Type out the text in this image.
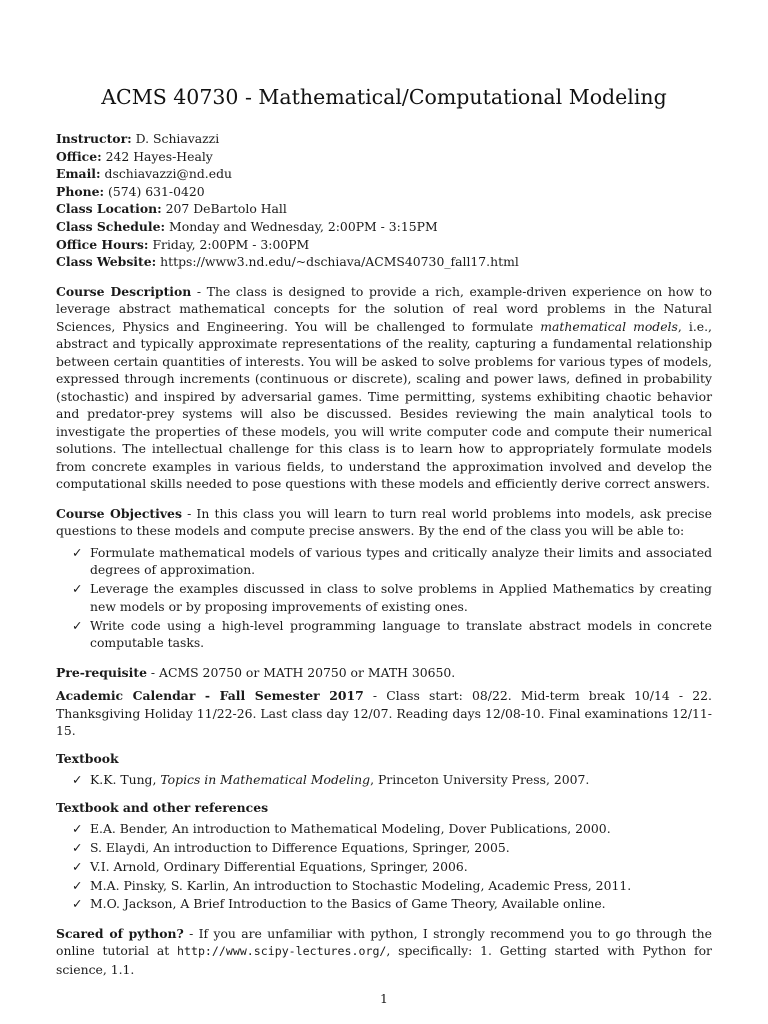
ACMS 40730 - Mathematical/Computational Modeling
Instructor: D. Schiavazzi
Office: 242 Hayes-Healy
Email: dschiavazzi@nd.edu
Phone: (574) 631-0420
Class Location: 207 DeBartolo Hall
Class Schedule: Monday and Wednesday, 2:00PM - 3:15PM
Office Hours: Friday, 2:00PM - 3:00PM
Class Website: https://www3.nd.edu/~dschiava/ACMS40730_fall17.html

Course Description - The class is designed to provide a rich, example-driven experience on how to leverage abstract mathematical concepts for the solution of real word problems in the Natural Sciences, Physics and Engineering. You will be challenged to formulate mathematical models, i.e., abstract and typically approximate representations of the reality, capturing a fundamental relationship between certain quantities of interests. You will be asked to solve problems for various types of models, expressed through increments (continuous or discrete), scaling and power laws, defined in probability (stochastic) and inspired by adversarial games. Time permitting, systems exhibiting chaotic behavior and predator-prey systems will also be discussed. Besides reviewing the main analytical tools to investigate the properties of these models, you will write computer code and compute their numerical solutions. The intellectual challenge for this class is to learn how to appropriately formulate models from concrete examples in various fields, to understand the approximation involved and develop the computational skills needed to pose questions with these models and efficiently derive correct answers.

Course Objectives - In this class you will learn to turn real world problems into models, ask precise questions to these models and compute precise answers. By the end of the class you will be able to:

✓ Formulate mathematical models of various types and critically analyze their limits and associated degrees of approximation.
✓ Leverage the examples discussed in class to solve problems in Applied Mathematics by creating new models or by proposing improvements of existing ones.
✓ Write code using a high-level programming language to translate abstract models in concrete computable tasks.

Pre-requisite - ACMS 20750 or MATH 20750 or MATH 30650.

Academic Calendar - Fall Semester 2017 - Class start: 08/22. Mid-term break 10/14 - 22. Thanksgiving Holiday 11/22-26. Last class day 12/07. Reading days 12/08-10. Final examinations 12/11-15.

Textbook
✓ K.K. Tung, Topics in Mathematical Modeling, Princeton University Press, 2007.
Textbook and other references
✓ E.A. Bender, An introduction to Mathematical Modeling, Dover Publications, 2000.
✓ S. Elaydi, An introduction to Difference Equations, Springer, 2005.
✓ V.I. Arnold, Ordinary Differential Equations, Springer, 2006.
✓ M.A. Pinsky, S. Karlin, An introduction to Stochastic Modeling, Academic Press, 2011.
✓ M.O. Jackson, A Brief Introduction to the Basics of Game Theory, Available online.

Scared of python? - If you are unfamiliar with python, I strongly recommend you to go through the online tutorial at http://www.scipy-lectures.org/, specifically: 1. Getting started with Python for science, 1.1.

1
